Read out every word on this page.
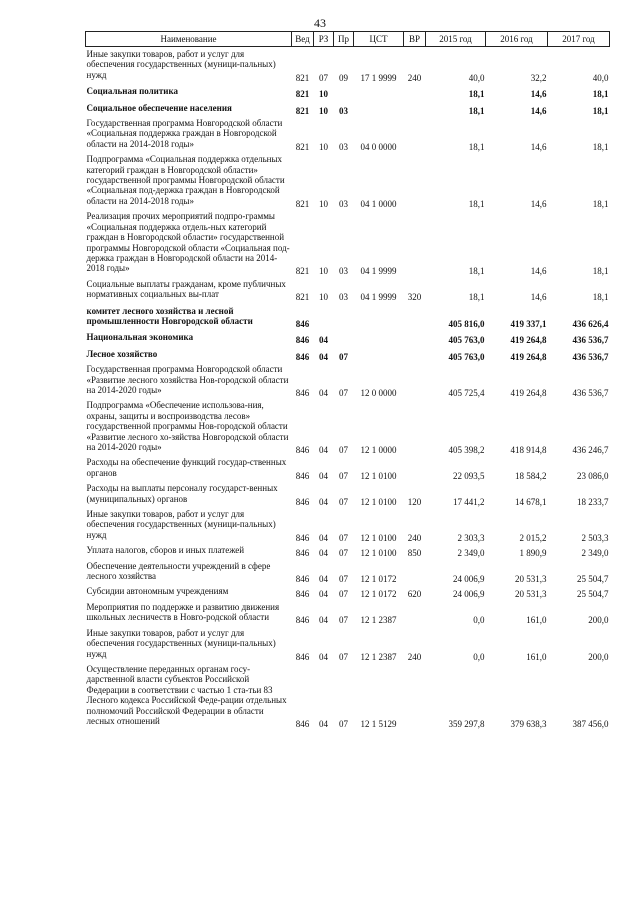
43
Наименование	Вед	РЗ	Пр	ЦСТ	ВР	2015 год	2016 год	2017 год
Иные закупки товаров, работ и услуг для обеспечения государственных (муници-пальных) нужд	821	07	09	17 1 9999	240	40,0	32,2	40,0
Социальная политика	821	10				18,1	14,6	18,1
Социальное обеспечение населения	821	10	03			18,1	14,6	18,1
Государственная программа Новгородской области «Социальная поддержка граждан в Новгородской области на 2014-2018 годы»	821	10	03	04 0 0000		18,1	14,6	18,1
Подпрограмма «Социальная поддержка отдельных категорий граждан в Новгородской области» государственной программы Новгородской области «Социальная под-держка граждан в Новгородской области на 2014-2018 годы»	821	10	03	04 1 0000		18,1	14,6	18,1
Реализация прочих мероприятий подпро-граммы «Социальная поддержка отдель-ных категорий граждан в Новгородской области» государственной программы Новгородской области «Социальная под-держка граждан в Новгородской области на 2014-2018 годы»	821	10	03	04 1 9999		18,1	14,6	18,1
Социальные выплаты гражданам, кроме публичных нормативных социальных вы-плат	821	10	03	04 1 9999	320	18,1	14,6	18,1
комитет лесного хозяйства и лесной промышленности Новгородской области	846					405 816,0	419 337,1	436 626,4
Национальная экономика	846	04				405 763,0	419 264,8	436 536,7
Лесное хозяйство	846	04	07			405 763,0	419 264,8	436 536,7
Государственная программа Новгородской области «Развитие лесного хозяйства Нов-городской области на 2014-2020 годы»	846	04	07	12 0 0000		405 725,4	419 264,8	436 536,7
Подпрограмма «Обеспечение использова-ния, охраны, защиты и воспроизводства лесов» государственной программы Нов-городской области «Развитие лесного хо-зяйства Новгородской области на 2014-2020 годы»	846	04	07	12 1 0000		405 398,2	418 914,8	436 246,7
Расходы на обеспечение функций государ-ственных органов	846	04	07	12 1 0100		22 093,5	18 584,2	23 086,0
Расходы на выплаты персоналу государст-венных (муниципальных) органов	846	04	07	12 1 0100	120	17 441,2	14 678,1	18 233,7
Иные закупки товаров, работ и услуг для обеспечения государственных (муници-пальных) нужд	846	04	07	12 1 0100	240	2 303,3	2 015,2	2 503,3
Уплата налогов, сборов и иных платежей	846	04	07	12 1 0100	850	2 349,0	1 890,9	2 349,0
Обеспечение деятельности учреждений в сфере лесного хозяйства	846	04	07	12 1 0172		24 006,9	20 531,3	25 504,7
Субсидии автономным учреждениям	846	04	07	12 1 0172	620	24 006,9	20 531,3	25 504,7
Мероприятия по поддержке и развитию движения школьных лесничеств в Новго-родской области	846	04	07	12 1 2387		0,0	161,0	200,0
Иные закупки товаров, работ и услуг для обеспечения государственных (муници-пальных) нужд	846	04	07	12 1 2387	240	0,0	161,0	200,0
Осуществление переданных органам госу-дарственной власти субъектов Российской Федерации в соответствии с частью 1 ста-тьи 83 Лесного кодекса Российской Феде-рации отдельных полномочий Российской Федерации в области лесных отношений	846	04	07	12 1 5129		359 297,8	379 638,3	387 456,0
